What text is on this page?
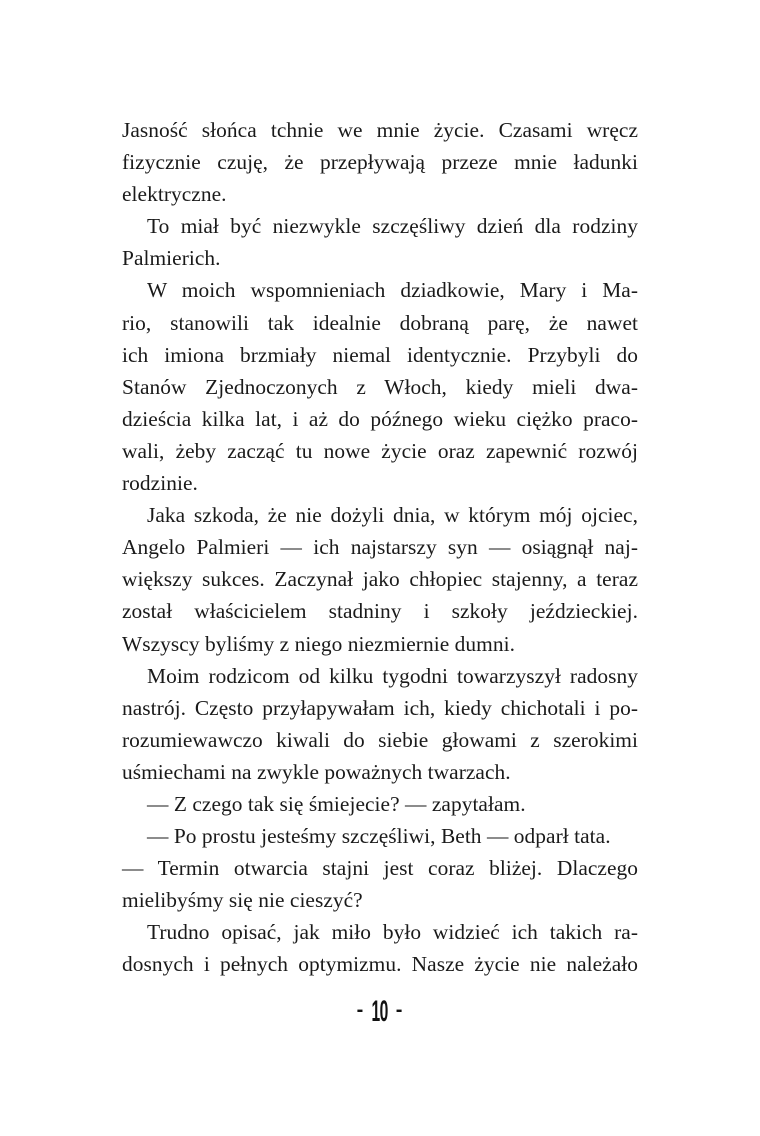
Jasność słońca tchnie we mnie życie. Czasami wręcz
fizycznie czuję, że przepływają przeze mnie ładunki
elektryczne.
To miał być niezwykle szczęśliwy dzień dla rodziny
Palmierich.
W moich wspomnieniach dziadkowie, Mary i Ma-
rio, stanowili tak idealnie dobraną parę, że nawet
ich imiona brzmiały niemal identycznie. Przybyli do
Stanów Zjednoczonych z Włoch, kiedy mieli dwa-
dzieścia kilka lat, i aż do późnego wieku ciężko praco-
wali, żeby zacząć tu nowe życie oraz zapewnić rozwój
rodzinie.
Jaka szkoda, że nie dożyli dnia, w którym mój ojciec,
Angelo Palmieri — ich najstarszy syn — osiągnął naj-
większy sukces. Zaczynał jako chłopiec stajenny, a teraz
został właścicielem stadniny i szkoły jeździeckiej.
Wszyscy byliśmy z niego niezmiernie dumni.
Moim rodzicom od kilku tygodni towarzyszył radosny
nastrój. Często przyłapywałam ich, kiedy chichotali i po-
rozumiewawczo kiwali do siebie głowami z szerokimi
uśmiechami na zwykle poważnych twarzach.
— Z czego tak się śmiejecie? — zapytałam.
— Po prostu jesteśmy szczęśliwi, Beth — odparł tata.
— Termin otwarcia stajni jest coraz bliżej. Dlaczego
mielibyśmy się nie cieszyć?
Trudno opisać, jak miło było widzieć ich takich ra-
dosnych i pełnych optymizmu. Nasze życie nie należało
- 10 -
